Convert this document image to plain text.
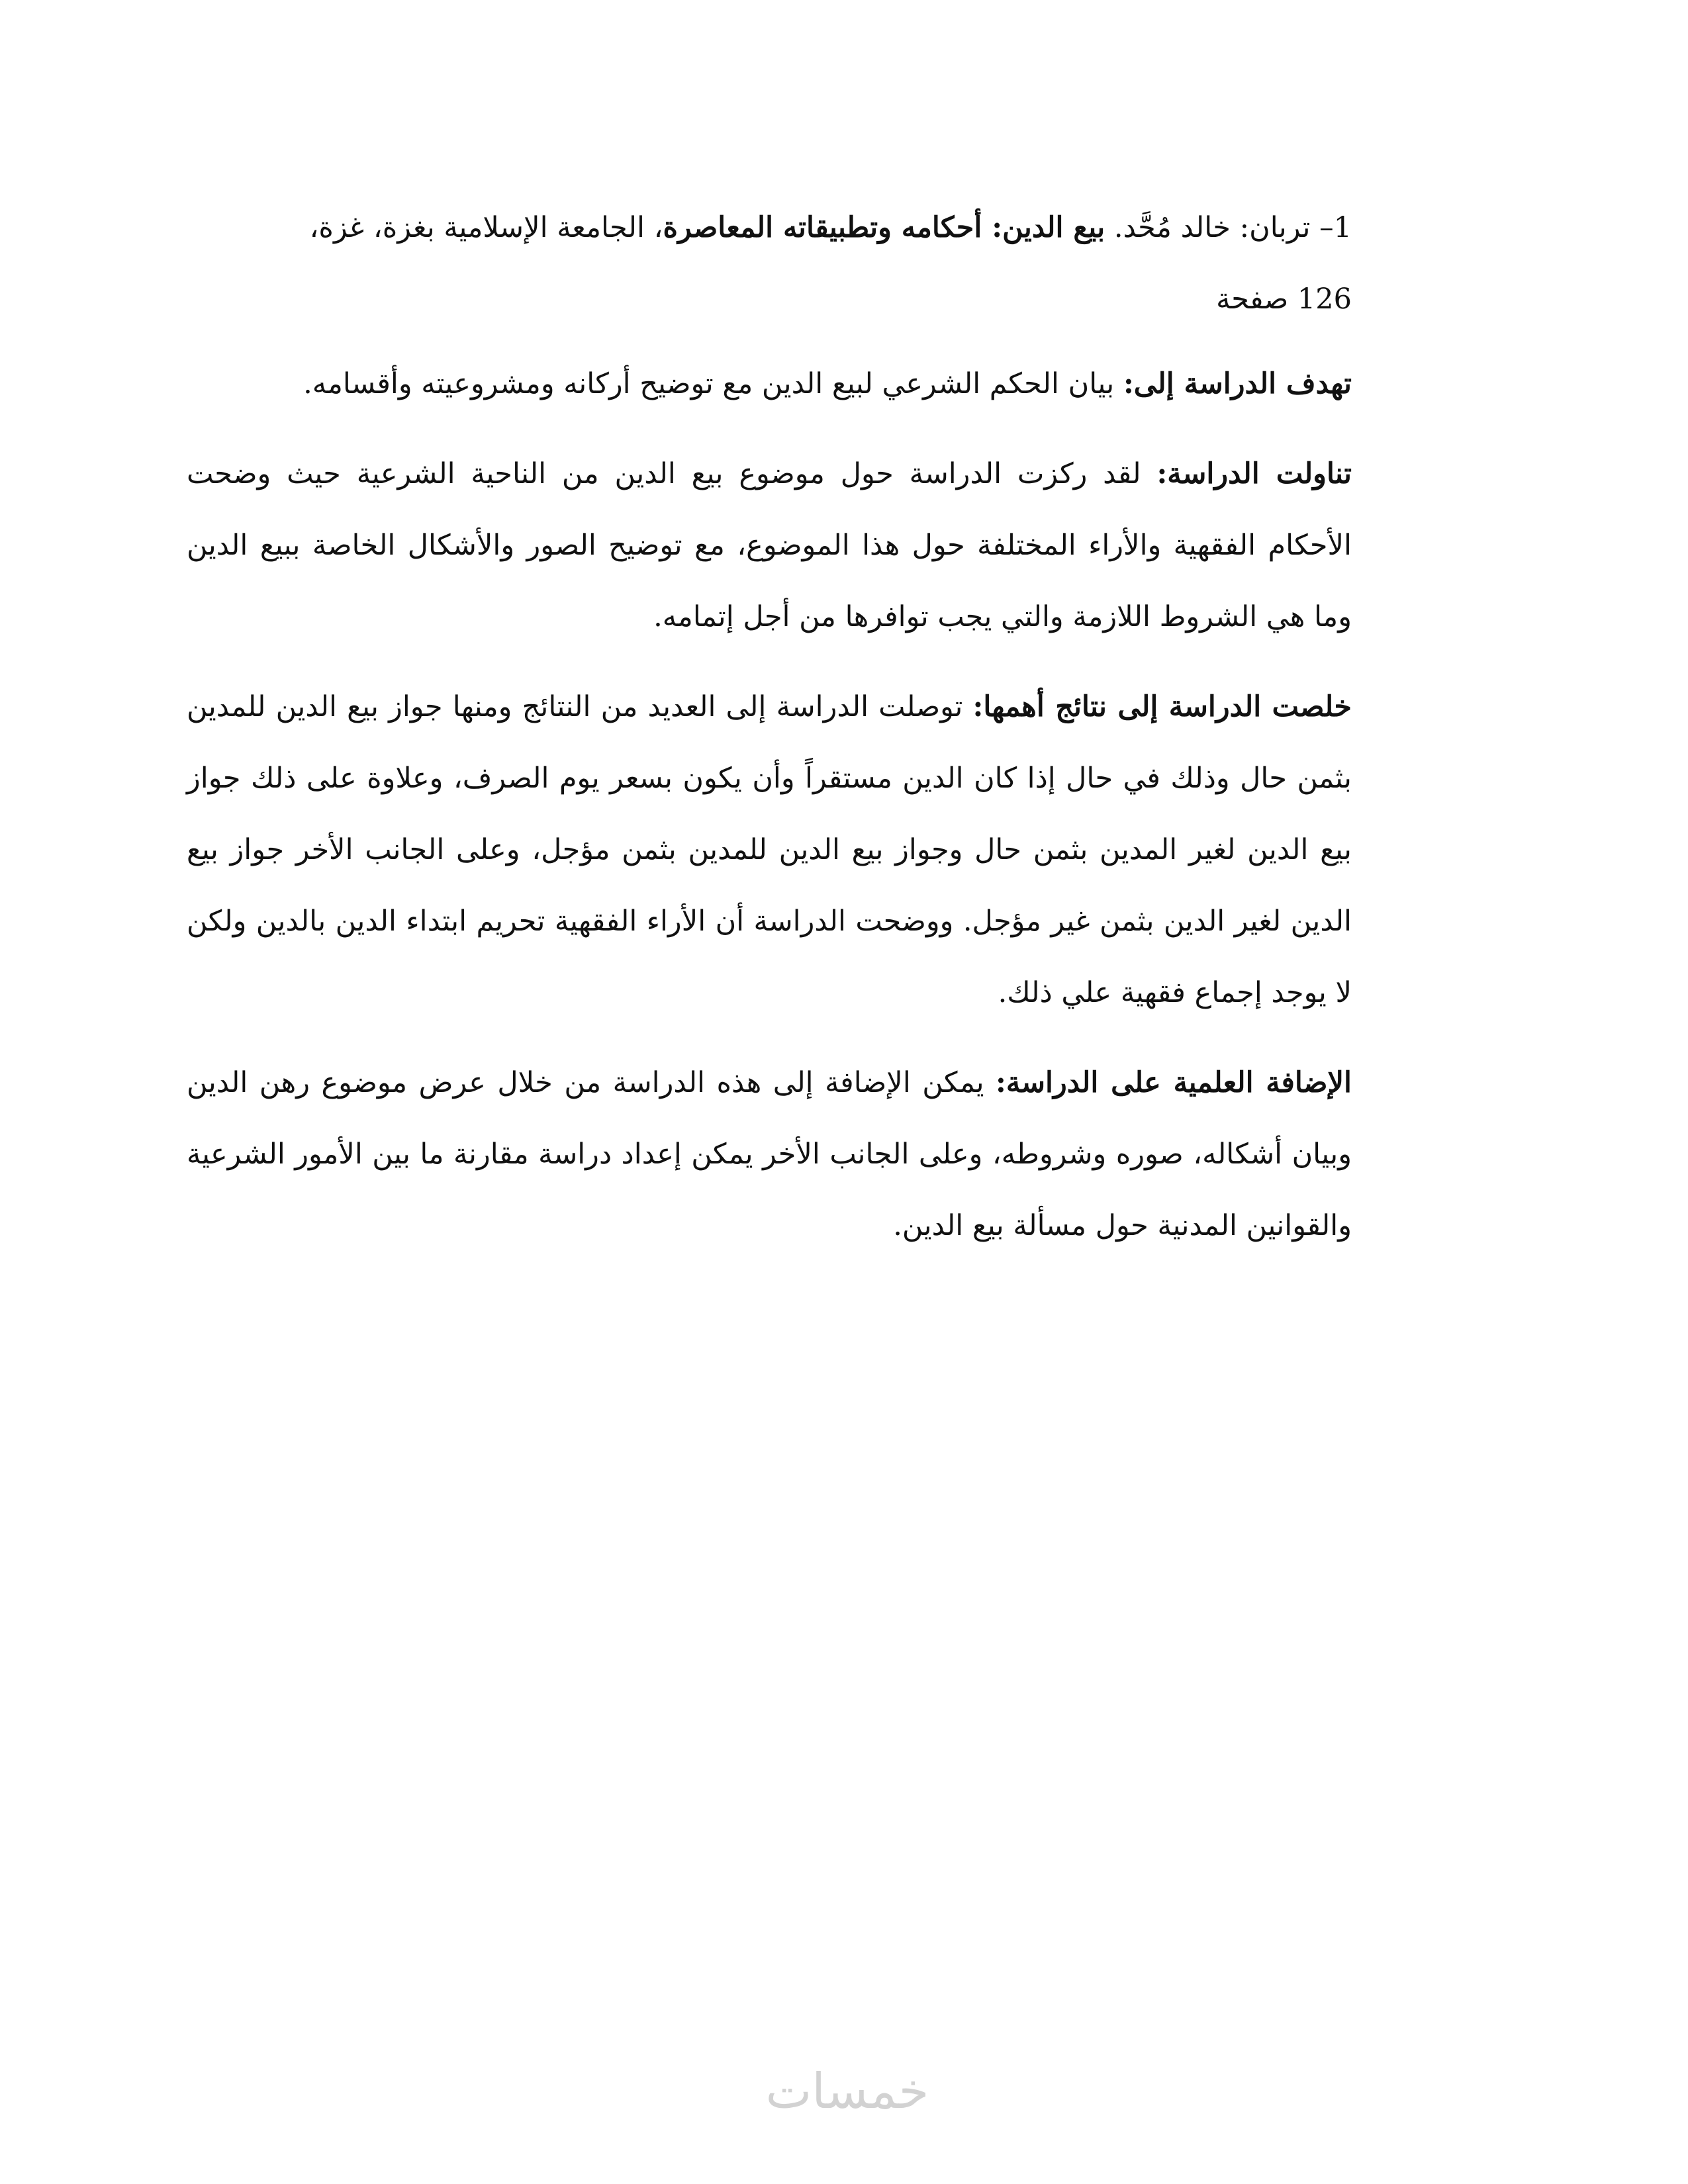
1– تربان: خالد مُحَّد. بيع الدين: أحكامه وتطبيقاته المعاصرة، الجامعة الإسلامية بغزة، غزة،
126 صفحة

تهدف الدراسة إلى: بيان الحكم الشرعي لبيع الدين مع توضيح أركانه ومشروعيته وأقسامه.

تناولت الدراسة: لقد ركزت الدراسة حول موضوع بيع الدين من الناحية الشرعية حيث وضحت الأحكام الفقهية والأراء المختلفة حول هذا الموضوع، مع توضيح الصور والأشكال الخاصة ببيع الدين وما هي الشروط اللازمة والتي يجب توافرها من أجل إتمامه.

خلصت الدراسة إلى نتائج أهمها: توصلت الدراسة إلى العديد من النتائج ومنها جواز بيع الدين للمدين بثمن حال وذلك في حال إذا كان الدين مستقراً وأن يكون بسعر يوم الصرف، وعلاوة على ذلك جواز بيع الدين لغير المدين بثمن حال وجواز بيع الدين للمدين بثمن مؤجل، وعلى الجانب الأخر جواز بيع الدين لغير الدين بثمن غير مؤجل. ووضحت الدراسة أن الأراء الفقهية تحريم ابتداء الدين بالدين ولكن لا يوجد إجماع فقهية علي ذلك.

الإضافة العلمية على الدراسة: يمكن الإضافة إلى هذه الدراسة من خلال عرض موضوع رهن الدين وبيان أشكاله، صوره وشروطه، وعلى الجانب الأخر يمكن إعداد دراسة مقارنة ما بين الأمور الشرعية والقوانين المدنية حول مسألة بيع الدين.

خمسات
